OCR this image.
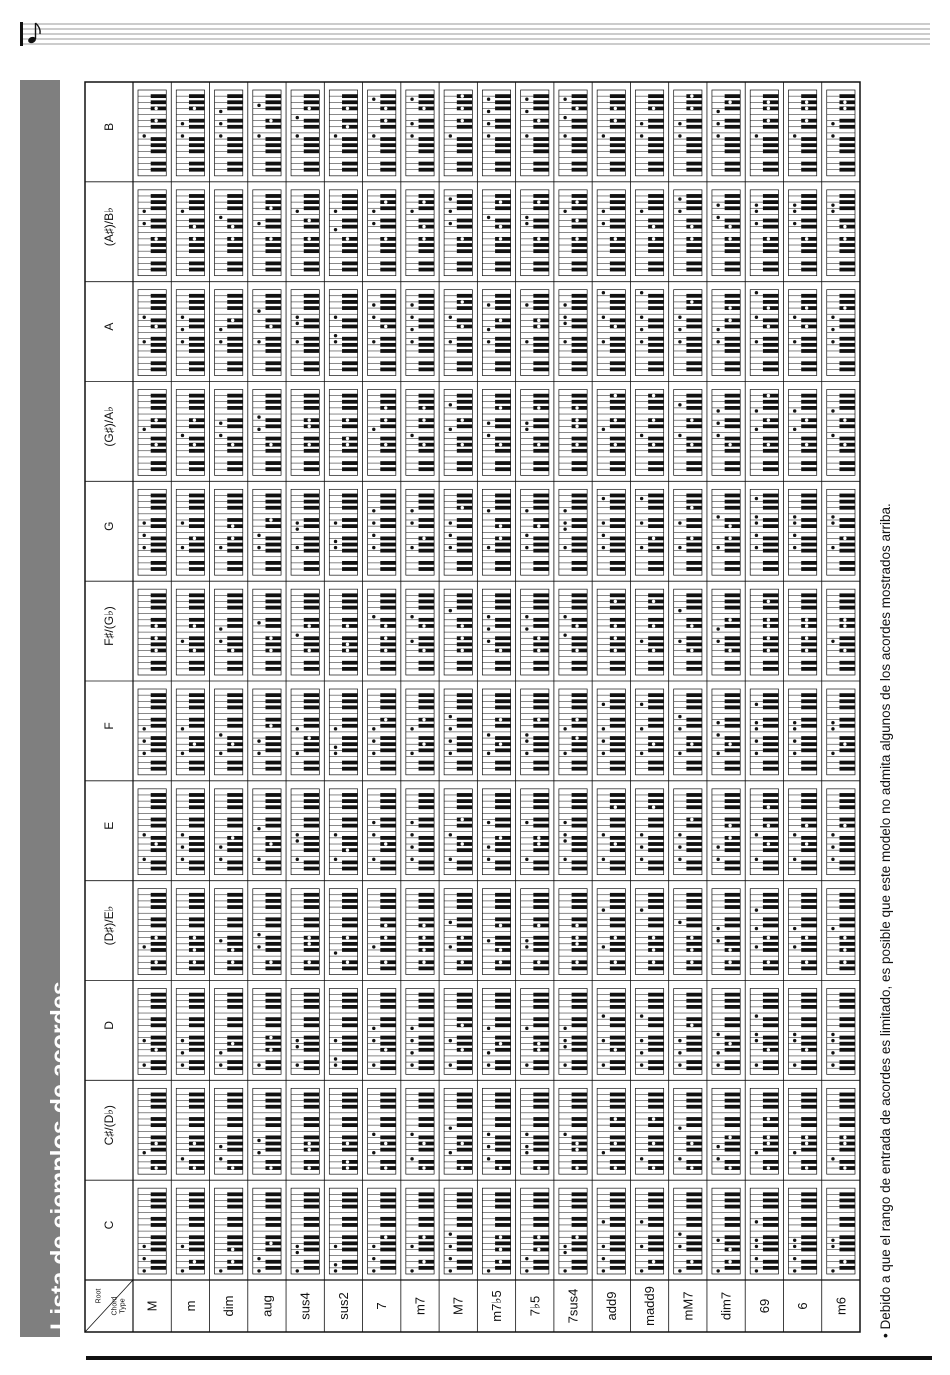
Lista de ejemplos de acordes	Root
Chord Type M m dim aug sus4 sus2 7 m7 M7 m7♭5 7♭5 7sus4 add9 madd9 mM7 dim7 69 6 m6
C
C♯/(D♭)
D
(D♯)/E♭
E
F
F♯/(G♭)
G
(G♯)/A♭
A
(A♯)/B♭
B
• Debido a que el rango de entrada de acordes es limitado, es posible que este modelo no admita algunos de los acordes mostrados arriba.
